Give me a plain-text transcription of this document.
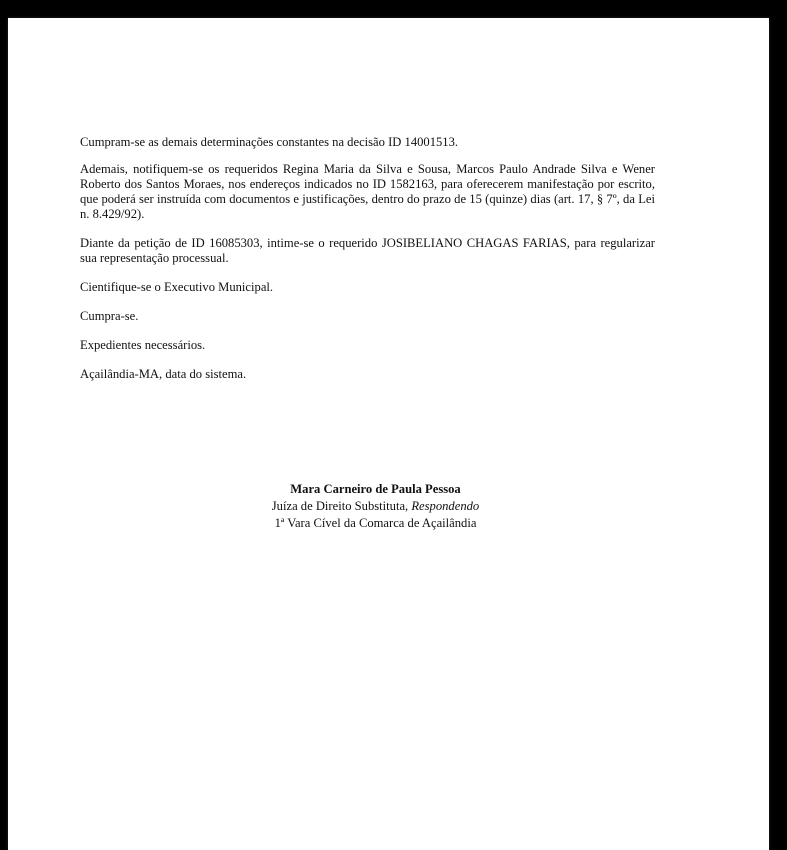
Cumpram-se as demais determinações constantes na decisão ID 14001513.

Ademais, notifiquem-se os requeridos Regina Maria da Silva e Sousa, Marcos Paulo Andrade Silva e Wener Roberto dos Santos Moraes, nos endereços indicados no ID 1582163, para oferecerem manifestação por escrito, que poderá ser instruída com documentos e justificações, dentro do prazo de 15 (quinze) dias (art. 17, § 7º, da Lei n. 8.429/92).

Diante da petição de ID 16085303, intime-se o requerido JOSIBELIANO CHAGAS FARIAS, para regularizar sua representação processual.

Cientifique-se o Executivo Municipal.

Cumpra-se.

Expedientes necessários.

Açailândia-MA, data do sistema.

Mara Carneiro de Paula Pessoa
Juíza de Direito Substituta, Respondendo
1ª Vara Cível da Comarca de Açailândia
